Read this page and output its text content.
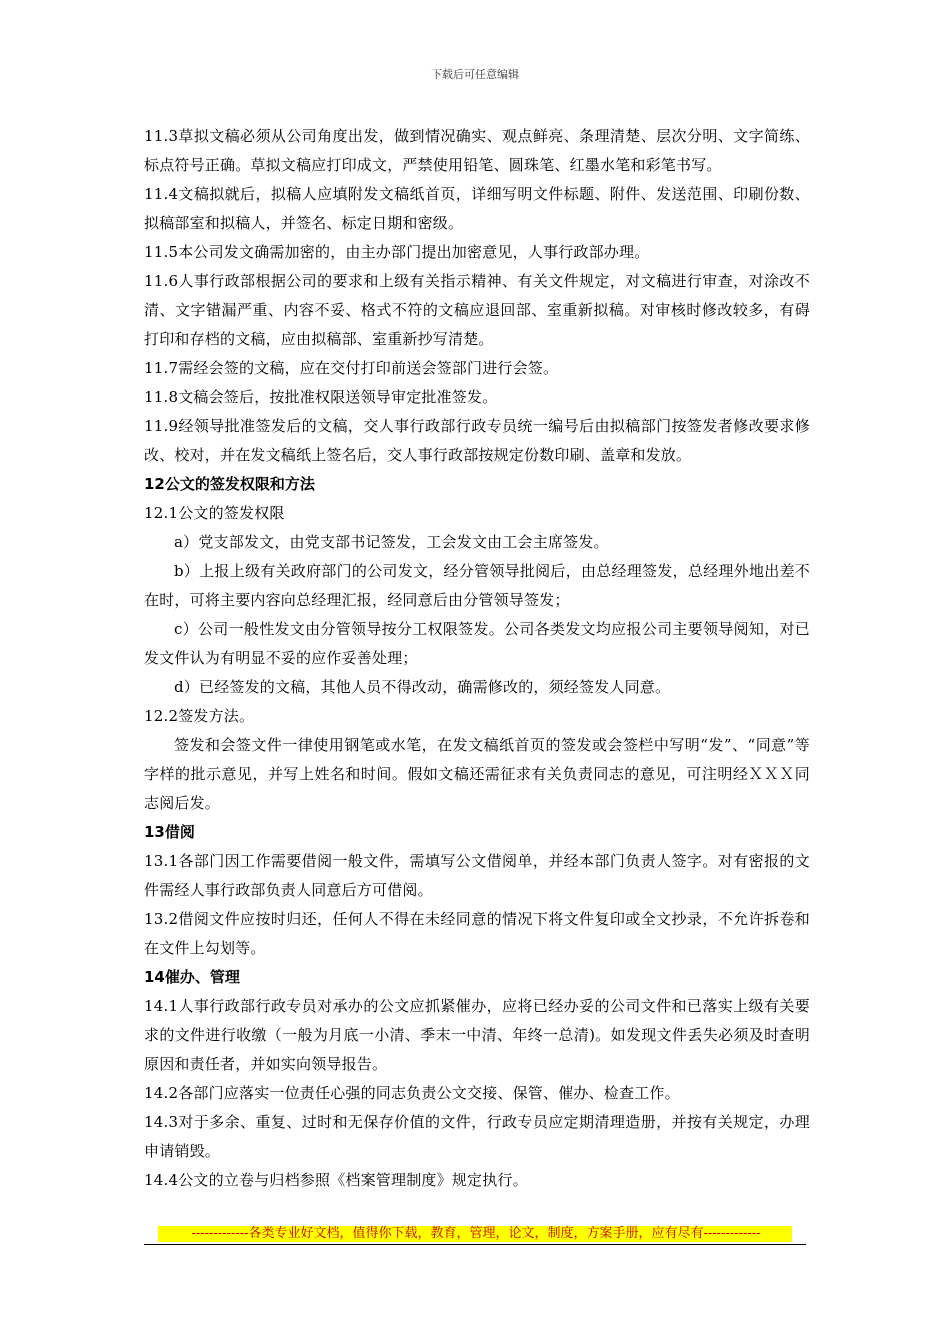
下载后可任意编辑

11.3草拟文稿必须从公司角度出发，做到情况确实、观点鲜亮、条理清楚、层次分明、文字简练、标点符号正确。草拟文稿应打印成文，严禁使用铅笔、圆珠笔、红墨水笔和彩笔书写。

11.4文稿拟就后，拟稿人应填附发文稿纸首页，详细写明文件标题、附件、发送范围、印刷份数、拟稿部室和拟稿人，并签名、标定日期和密级。

11.5本公司发文确需加密的，由主办部门提出加密意见，人事行政部办理。

11.6人事行政部根据公司的要求和上级有关指示精神、有关文件规定，对文稿进行审查，对涂改不清、文字错漏严重、内容不妥、格式不符的文稿应退回部、室重新拟稿。对审核时修改较多，有碍打印和存档的文稿，应由拟稿部、室重新抄写清楚。

11.7需经会签的文稿，应在交付打印前送会签部门进行会签。

11.8文稿会签后，按批准权限送领导审定批准签发。

11.9经领导批准签发后的文稿，交人事行政部行政专员统一编号后由拟稿部门按签发者修改要求修改、校对，并在发文稿纸上签名后，交人事行政部按规定份数印刷、盖章和发放。

12公文的签发权限和方法

12.1公文的签发权限

a）党支部发文，由党支部书记签发，工会发文由工会主席签发。

b）上报上级有关政府部门的公司发文，经分管领导批阅后，由总经理签发，总经理外地出差不在时，可将主要内容向总经理汇报，经同意后由分管领导签发；

c）公司一般性发文由分管领导按分工权限签发。公司各类发文均应报公司主要领导阅知，对已发文件认为有明显不妥的应作妥善处理；

d）已经签发的文稿，其他人员不得改动，确需修改的，须经签发人同意。

12.2签发方法。

签发和会签文件一律使用钢笔或水笔，在发文稿纸首页的签发或会签栏中写明“发”、“同意”等字样的批示意见，并写上姓名和时间。假如文稿还需征求有关负责同志的意见，可注明经ＸＸＸ同志阅后发。

13借阅

13.1各部门因工作需要借阅一般文件，需填写公文借阅单，并经本部门负责人签字。对有密报的文件需经人事行政部负责人同意后方可借阅。

13.2借阅文件应按时归还，任何人不得在未经同意的情况下将文件复印或全文抄录，不允许拆卷和在文件上勾划等。

14催办、管理

14.1人事行政部行政专员对承办的公文应抓紧催办，应将已经办妥的公司文件和已落实上级有关要求的文件进行收缴（一般为月底一小清、季末一中清、年终一总清)。如发现文件丢失必须及时查明原因和责任者，并如实向领导报告。

14.2各部门应落实一位责任心强的同志负责公文交接、保管、催办、检查工作。

14.3对于多余、重复、过时和无保存价值的文件，行政专员应定期清理造册，并按有关规定，办理申请销毁。

14.4公文的立卷与归档参照《档案管理制度》规定执行。

-------------各类专业好文档，值得你下载，教育，管理，论文，制度，方案手册，应有尽有-------------
